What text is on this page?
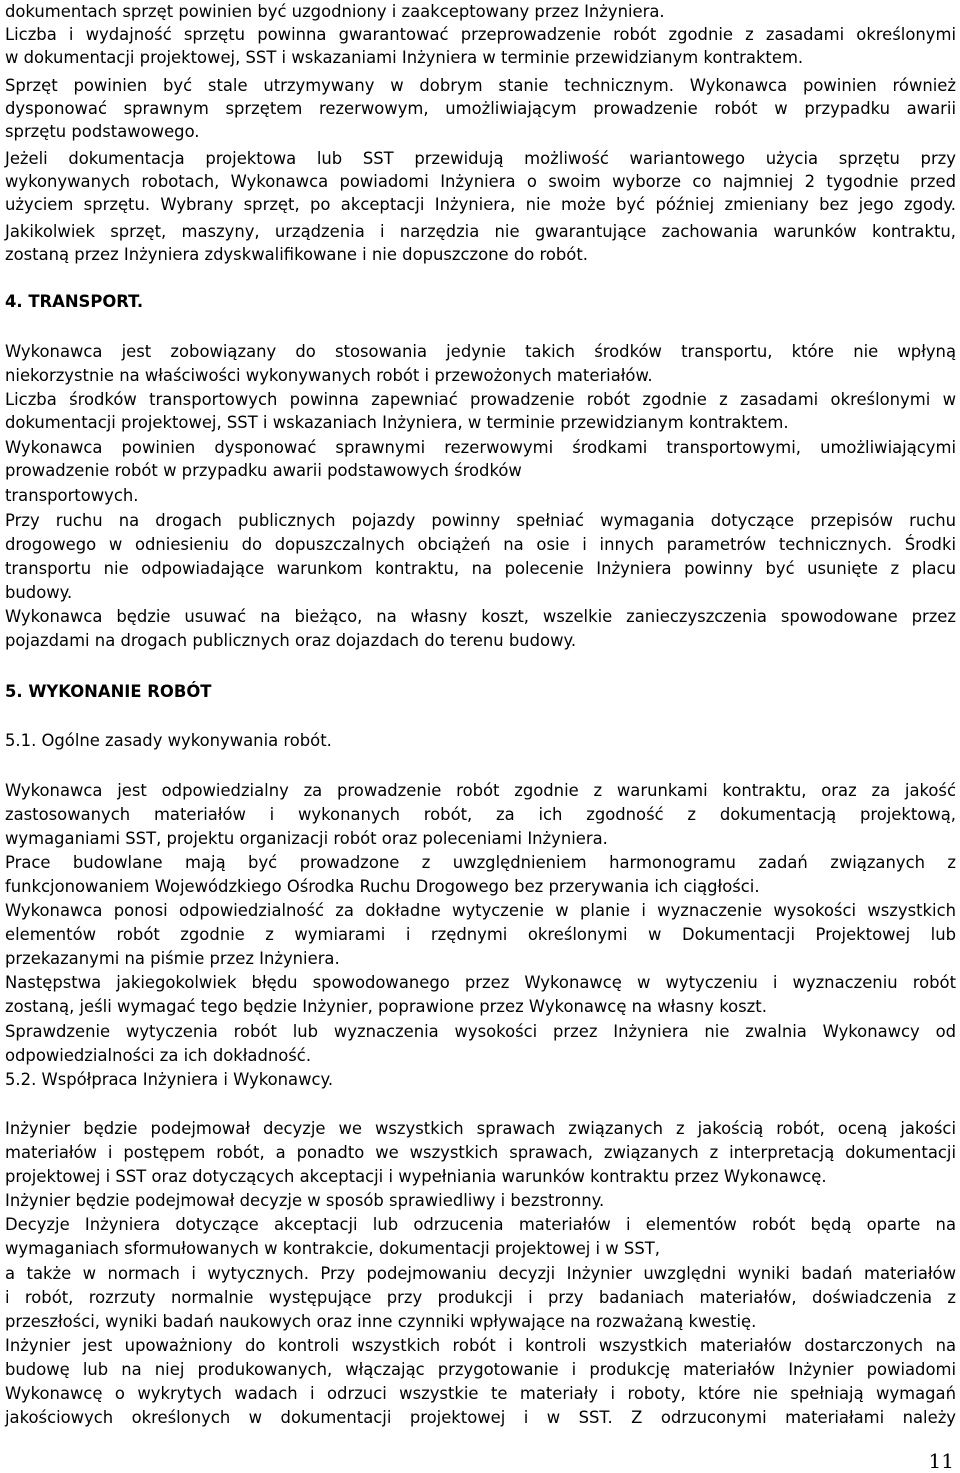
dokumentach sprzęt powinien być uzgodniony i zaakceptowany przez Inżyniera.
Liczba i wydajność sprzętu powinna gwarantować przeprowadzenie robót zgodnie z zasadami określonymi
w dokumentacji projektowej, SST i wskazaniami Inżyniera w terminie przewidzianym kontraktem.
Sprzęt powinien być stale utrzymywany w dobrym stanie technicznym. Wykonawca powinien również
dysponować sprawnym sprzętem rezerwowym, umożliwiającym prowadzenie robót w przypadku awarii
sprzętu podstawowego.
Jeżeli dokumentacja projektowa lub SST przewidują możliwość wariantowego użycia sprzętu przy
wykonywanych robotach, Wykonawca powiadomi Inżyniera o swoim wyborze co najmniej 2 tygodnie przed
użyciem sprzętu. Wybrany sprzęt, po akceptacji Inżyniera, nie może być później zmieniany bez jego zgody.
Jakikolwiek sprzęt, maszyny, urządzenia i narzędzia nie gwarantujące zachowania warunków kontraktu,
zostaną przez Inżyniera zdyskwalifikowane i nie dopuszczone do robót.
4. TRANSPORT.
Wykonawca jest zobowiązany do stosowania jedynie takich środków transportu, które nie wpłyną
niekorzystnie na właściwości wykonywanych robót i przewożonych materiałów.
Liczba środków transportowych powinna zapewniać prowadzenie robót zgodnie z zasadami określonymi w
dokumentacji projektowej, SST i wskazaniach Inżyniera, w terminie przewidzianym kontraktem.
Wykonawca powinien dysponować sprawnymi rezerwowymi środkami transportowymi, umożliwiającymi
prowadzenie robót w przypadku awarii podstawowych środków
transportowych.
Przy ruchu na drogach publicznych pojazdy powinny spełniać wymagania dotyczące przepisów ruchu
drogowego w odniesieniu do dopuszczalnych obciążeń na osie i innych parametrów technicznych. Środki
transportu nie odpowiadające warunkom kontraktu, na polecenie Inżyniera powinny być usunięte z placu
budowy.
Wykonawca będzie usuwać na bieżąco, na własny koszt, wszelkie zanieczyszczenia spowodowane przez
pojazdami na drogach publicznych oraz dojazdach do terenu budowy.
5. WYKONANIE ROBÓT
5.1. Ogólne zasady wykonywania robót.
Wykonawca jest odpowiedzialny za prowadzenie robót zgodnie z warunkami kontraktu, oraz za jakość
zastosowanych materiałów i wykonanych robót, za ich zgodność z dokumentacją projektową,
wymaganiami SST, projektu organizacji robót oraz poleceniami Inżyniera.
Prace budowlane mają być prowadzone z uwzględnieniem harmonogramu zadań związanych z
funkcjonowaniem Wojewódzkiego Ośrodka Ruchu Drogowego bez przerywania ich ciągłości.
Wykonawca ponosi odpowiedzialność za dokładne wytyczenie w planie i wyznaczenie wysokości wszystkich
elementów robót zgodnie z wymiarami i rzędnymi określonymi w Dokumentacji Projektowej lub
przekazanymi na piśmie przez Inżyniera.
Następstwa jakiegokolwiek błędu spowodowanego przez Wykonawcę w wytyczeniu i wyznaczeniu robót
zostaną, jeśli wymagać tego będzie Inżynier, poprawione przez Wykonawcę na własny koszt.
Sprawdzenie wytyczenia robót lub wyznaczenia wysokości przez Inżyniera nie zwalnia Wykonawcy od
odpowiedzialności za ich dokładność.
5.2. Współpraca Inżyniera i Wykonawcy.
Inżynier będzie podejmował decyzje we wszystkich sprawach związanych z jakością robót, oceną jakości
materiałów i postępem robót, a ponadto we wszystkich sprawach, związanych z interpretacją dokumentacji
projektowej i SST oraz dotyczących akceptacji i wypełniania warunków kontraktu przez Wykonawcę.
Inżynier będzie podejmował decyzje w sposób sprawiedliwy i bezstronny.
Decyzje Inżyniera dotyczące akceptacji lub odrzucenia materiałów i elementów robót będą oparte na
wymaganiach sformułowanych w kontrakcie, dokumentacji projektowej i w SST,
a także w normach i wytycznych. Przy podejmowaniu decyzji Inżynier uwzględni wyniki badań materiałów
i robót, rozrzuty normalnie występujące przy produkcji i przy badaniach materiałów, doświadczenia z
przeszłości, wyniki badań naukowych oraz inne czynniki wpływające na rozważaną kwestię.
Inżynier jest upoważniony do kontroli wszystkich robót i kontroli wszystkich materiałów dostarczonych na
budowę lub na niej produkowanych, włączając przygotowanie i produkcję materiałów Inżynier powiadomi
Wykonawcę o wykrytych wadach i odrzuci wszystkie te materiały i roboty, które nie spełniają wymagań
jakościowych określonych w dokumentacji projektowej i w SST. Z odrzuconymi materiałami należy
11
